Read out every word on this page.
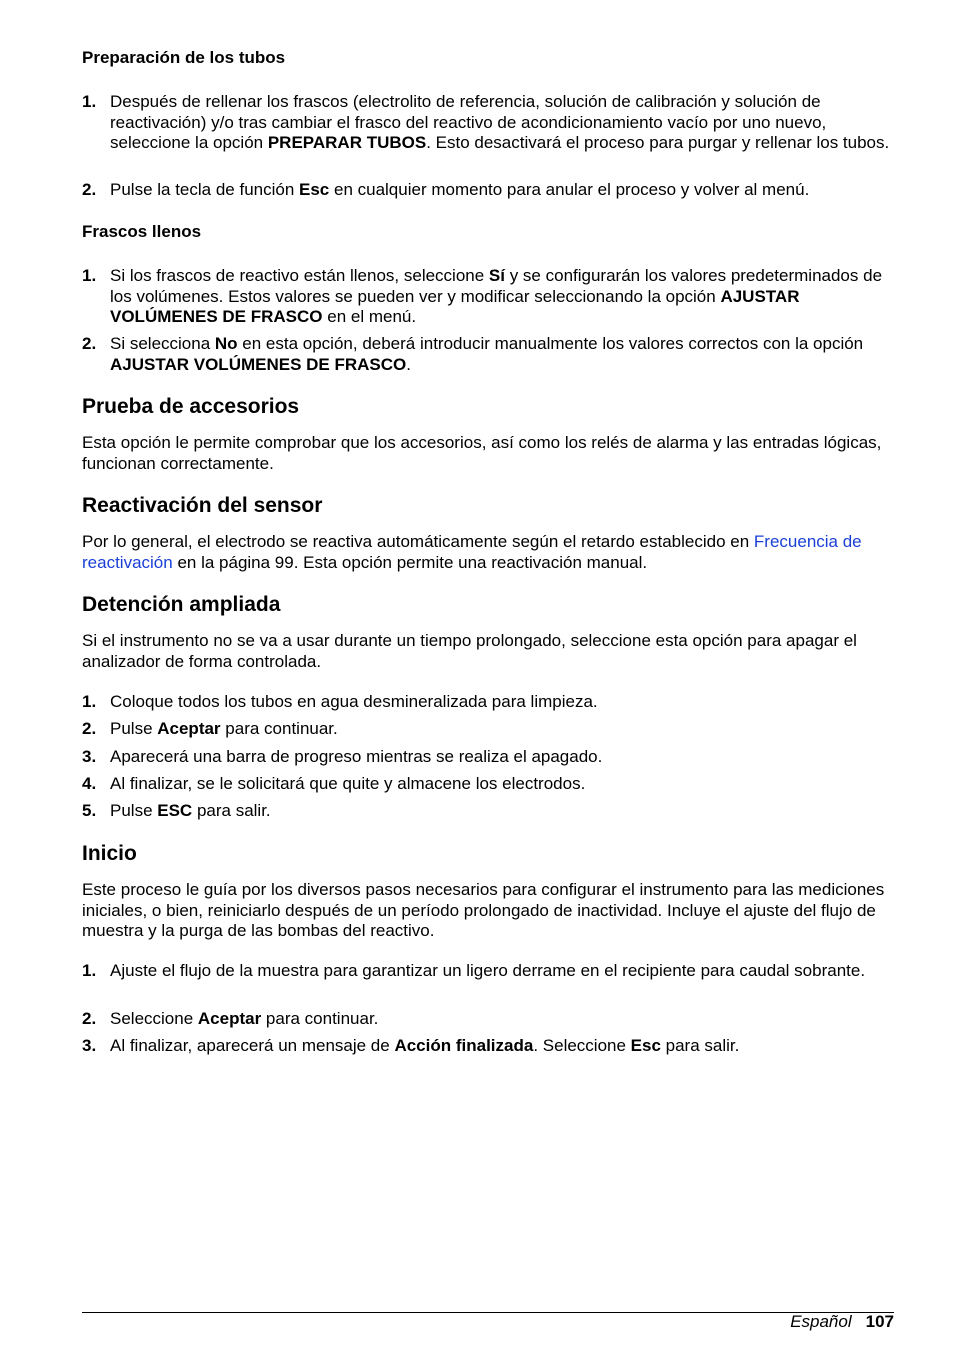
Preparación de los tubos
1. Después de rellenar los frascos (electrolito de referencia, solución de calibración y solución de reactivación) y/o tras cambiar el frasco del reactivo de acondicionamiento vacío por uno nuevo, seleccione la opción PREPARAR TUBOS. Esto desactivará el proceso para purgar y rellenar los tubos.
2. Pulse la tecla de función Esc en cualquier momento para anular el proceso y volver al menú.
Frascos llenos
1. Si los frascos de reactivo están llenos, seleccione Sí y se configurarán los valores predeterminados de los volúmenes. Estos valores se pueden ver y modificar seleccionando la opción AJUSTAR VOLÚMENES DE FRASCO en el menú.
2. Si selecciona No en esta opción, deberá introducir manualmente los valores correctos con la opción AJUSTAR VOLÚMENES DE FRASCO.
Prueba de accesorios

Esta opción le permite comprobar que los accesorios, así como los relés de alarma y las entradas lógicas, funcionan correctamente.

Reactivación del sensor

Por lo general, el electrodo se reactiva automáticamente según el retardo establecido en Frecuencia de reactivación en la página 99. Esta opción permite una reactivación manual.

Detención ampliada

Si el instrumento no se va a usar durante un tiempo prolongado, seleccione esta opción para apagar el analizador de forma controlada.

1. Coloque todos los tubos en agua desmineralizada para limpieza.
2. Pulse Aceptar para continuar.
3. Aparecerá una barra de progreso mientras se realiza el apagado.
4. Al finalizar, se le solicitará que quite y almacene los electrodos.
5. Pulse ESC para salir.
Inicio

Este proceso le guía por los diversos pasos necesarios para configurar el instrumento para las mediciones iniciales, o bien, reiniciarlo después de un período prolongado de inactividad. Incluye el ajuste del flujo de muestra y la purga de las bombas del reactivo.

1. Ajuste el flujo de la muestra para garantizar un ligero derrame en el recipiente para caudal sobrante.
2. Seleccione Aceptar para continuar.
3. Al finalizar, aparecerá un mensaje de Acción finalizada. Seleccione Esc para salir.
Español 107
